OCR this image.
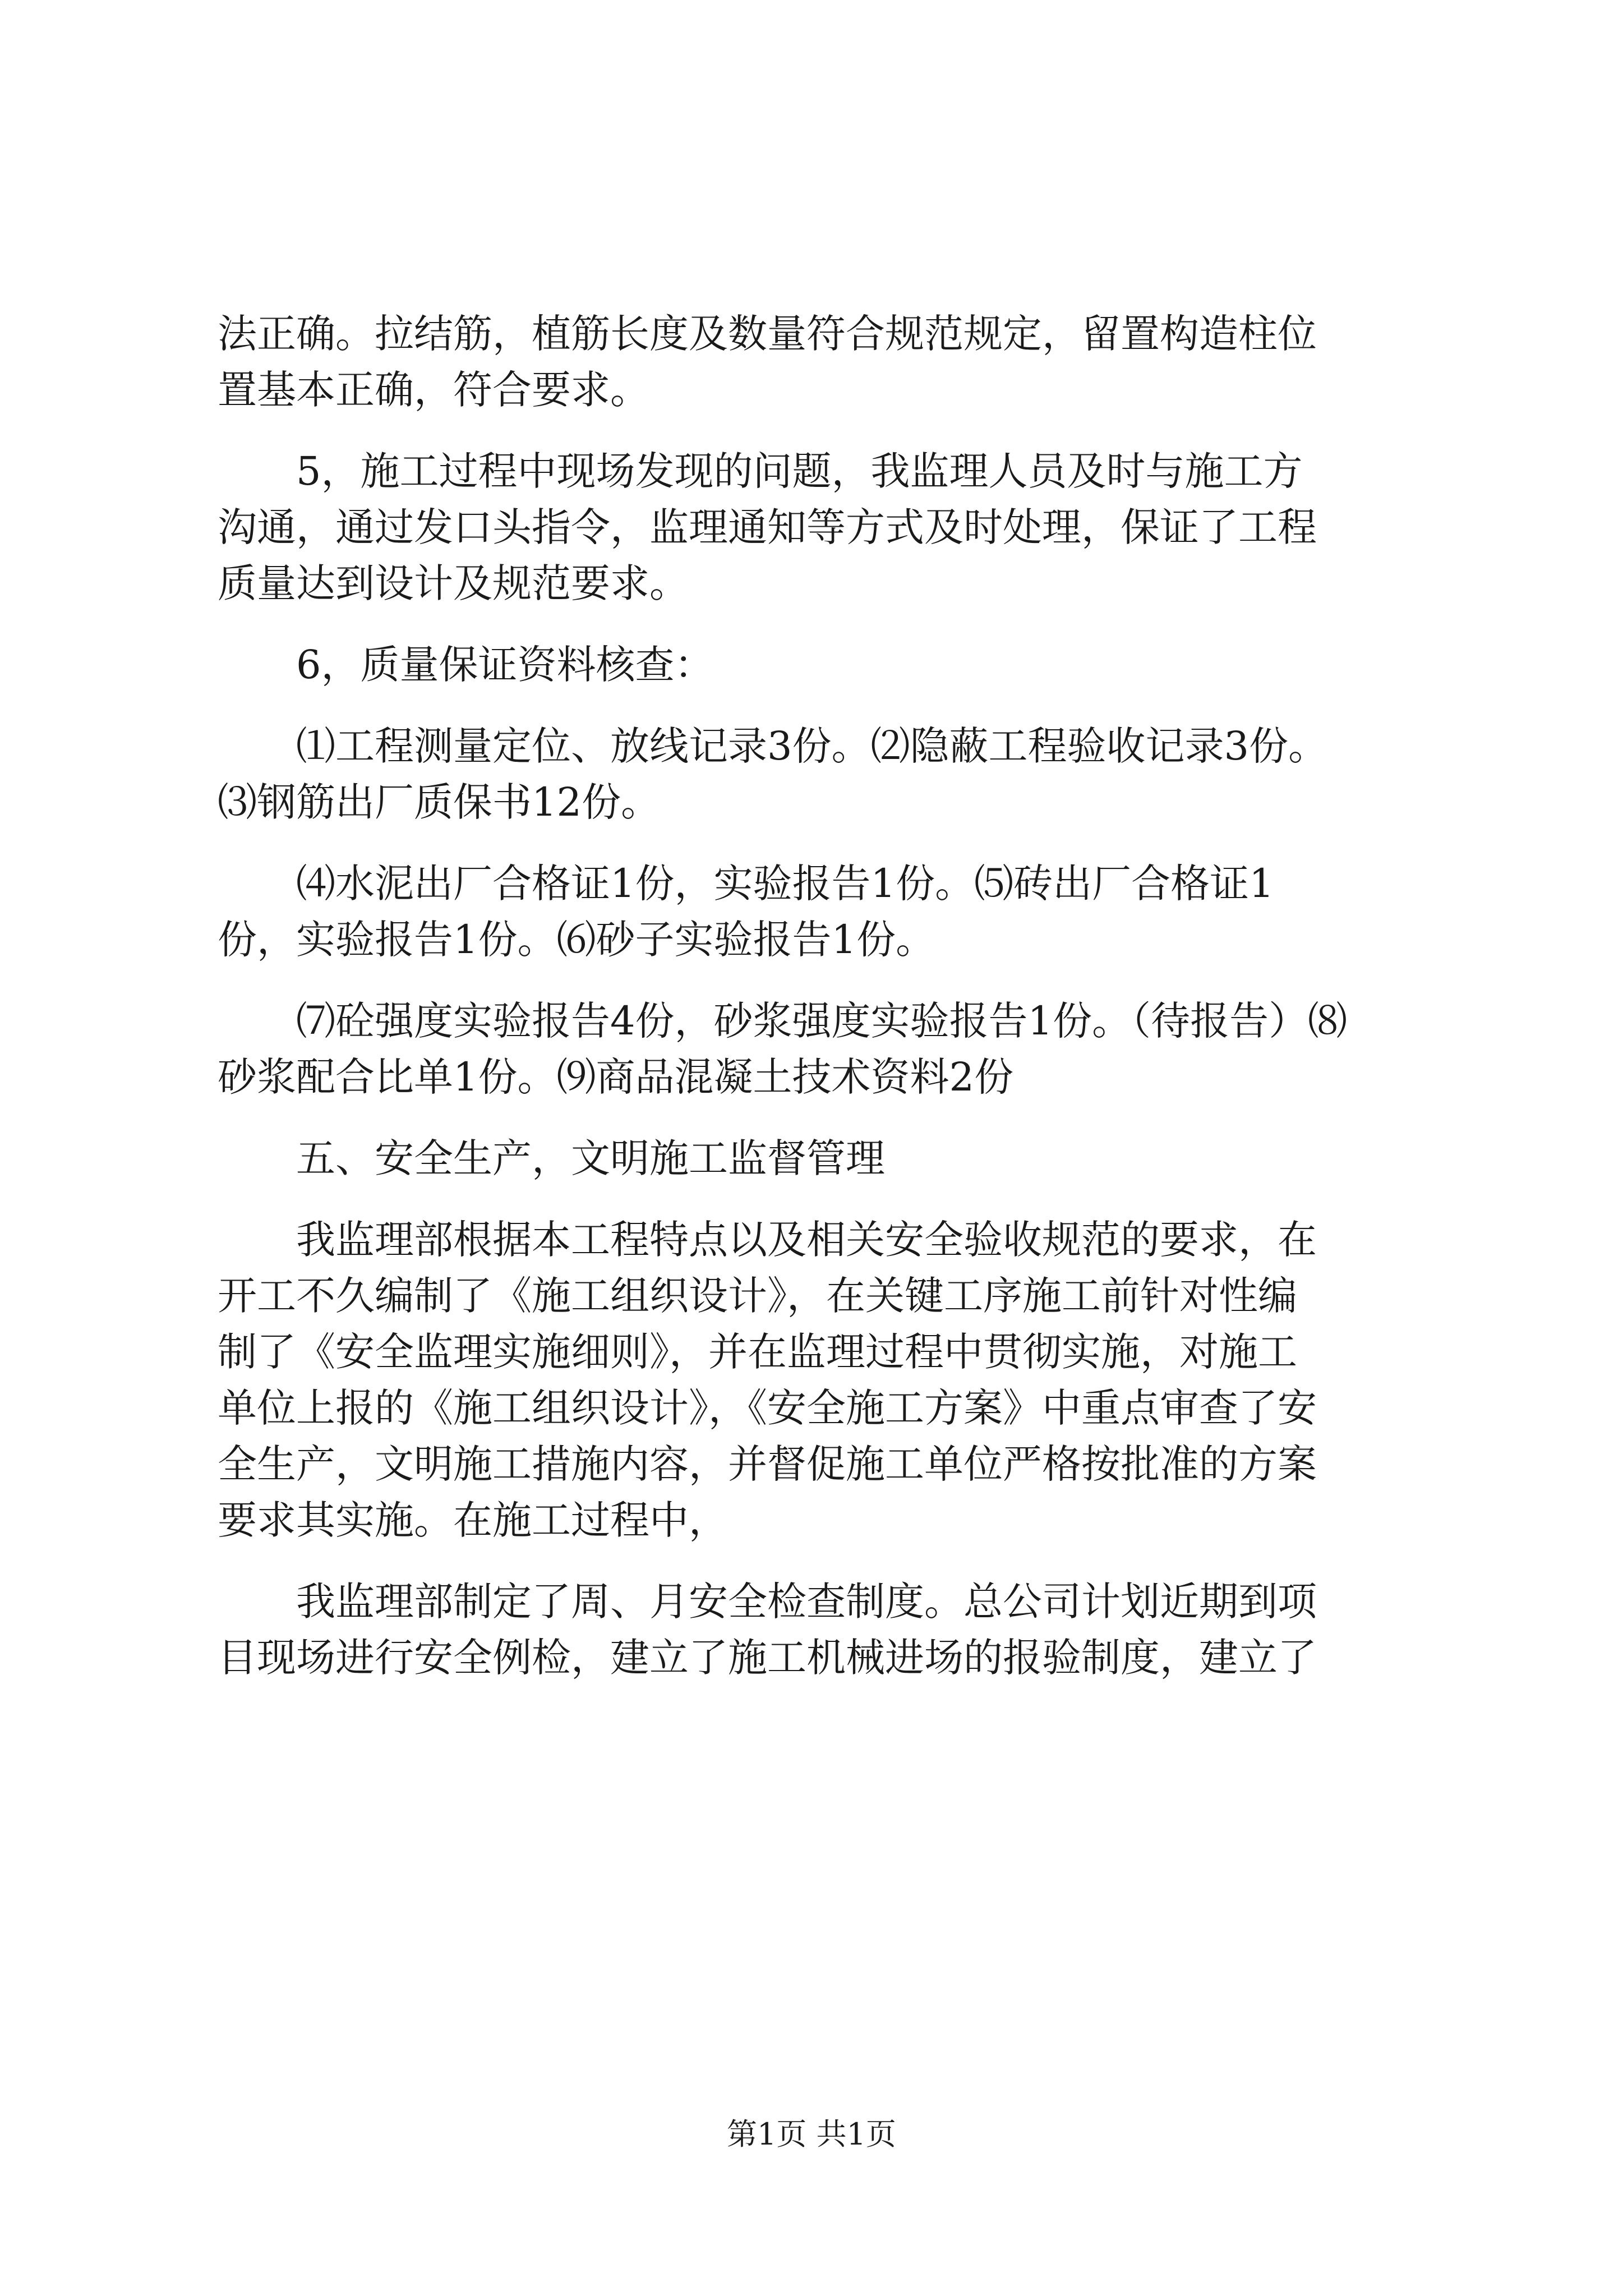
法正确。拉结筋，植筋长度及数量符合规范规定，留置构造柱位
置基本正确，符合要求。
　　5，施工过程中现场发现的问题，我监理人员及时与施工方
沟通，通过发口头指令，监理通知等方式及时处理，保证了工程
质量达到设计及规范要求。
　　6，质量保证资料核查：
　　⑴工程测量定位、放线记录3份。⑵隐蔽工程验收记录3份。
⑶钢筋出厂质保书12份。
　　⑷水泥出厂合格证1份，实验报告1份。⑸砖出厂合格证1
份，实验报告1份。⑹砂子实验报告1份。
　　⑺砼强度实验报告4份，砂浆强度实验报告1份。（待报告）⑻
砂浆配合比单1份。⑼商品混凝土技术资料2份
　　五、安全生产，文明施工监督管理
　　我监理部根据本工程特点以及相关安全验收规范的要求，在
开工不久编制了《施工组织设计》，在关键工序施工前针对性编
制了《安全监理实施细则》，并在监理过程中贯彻实施，对施工
单位上报的《施工组织设计》，《安全施工方案》中重点审查了安
全生产，文明施工措施内容，并督促施工单位严格按批准的方案
要求其实施。在施工过程中，
　　我监理部制定了周、月安全检查制度。总公司计划近期到项
目现场进行安全例检，建立了施工机械进场的报验制度，建立了
第1页 共1页
